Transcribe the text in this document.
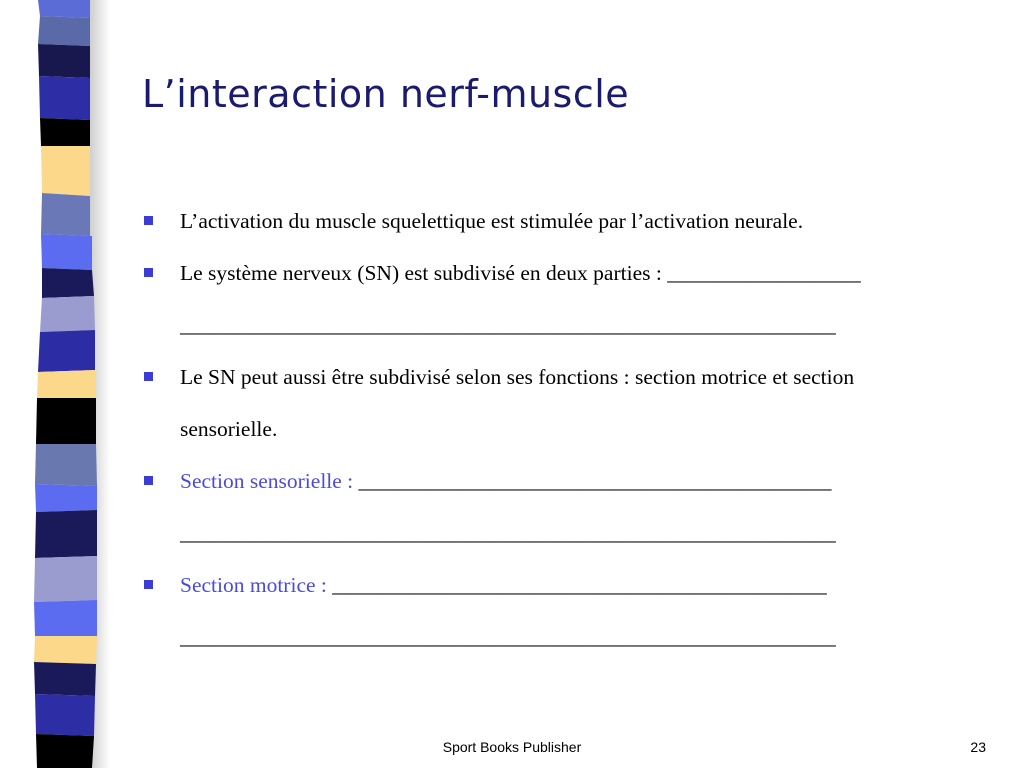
L’interaction nerf-muscle
L’activation du muscle squelettique est stimulée par l’activation neurale.
Le système nerveux (SN) est subdivisé en deux parties : __________________
_____________________________________________________________
Le SN peut aussi être subdivisé selon ses fonctions : section motrice et section
sensorielle.
Section sensorielle : ____________________________________________
_____________________________________________________________
Section motrice : ______________________________________________
_____________________________________________________________
Sport Books Publisher	23
